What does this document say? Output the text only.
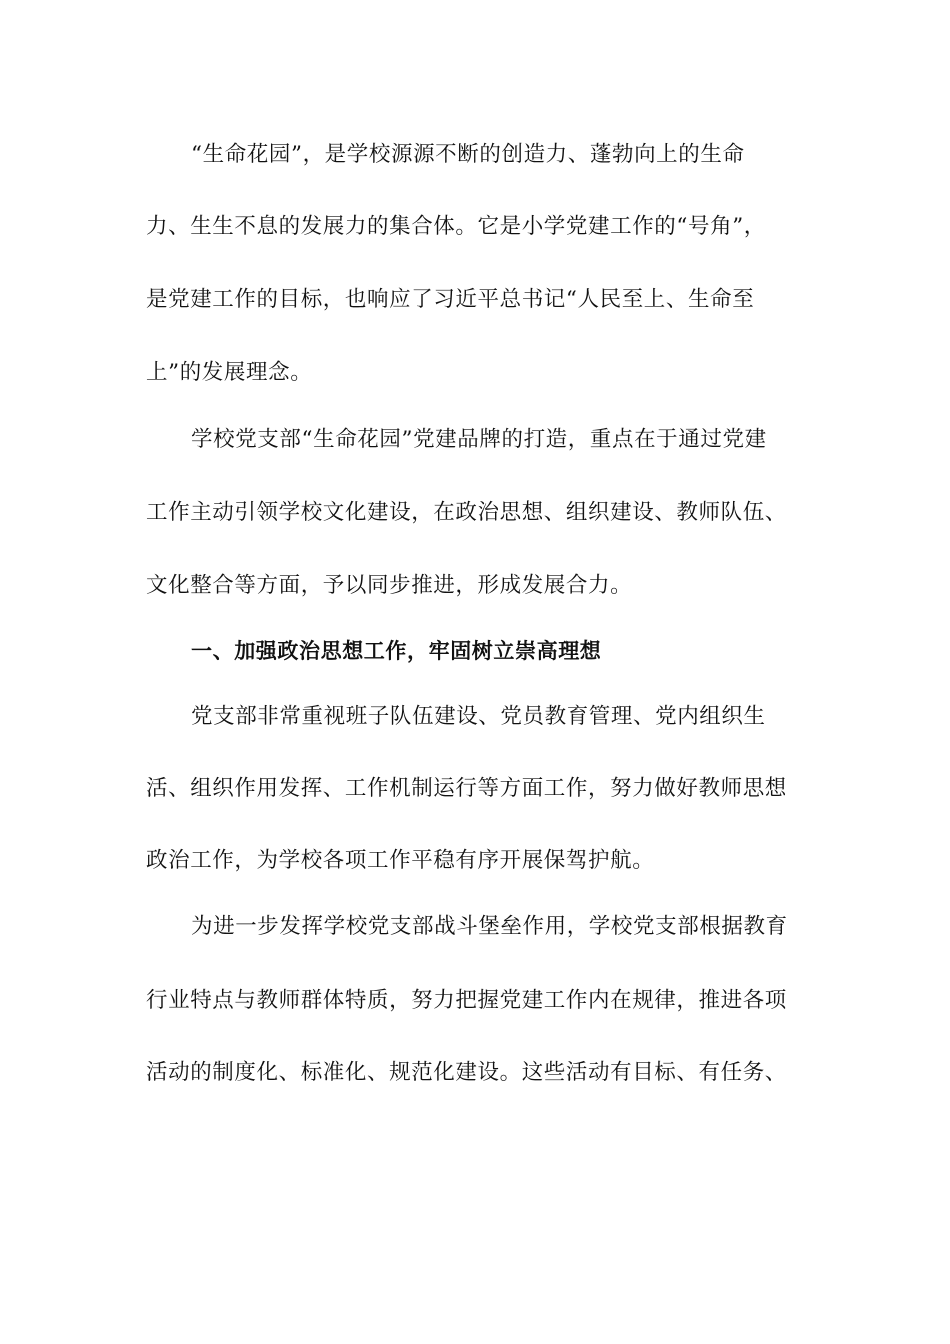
“生命花园”，是学校源源不断的创造力、蓬勃向上的生命
力、生生不息的发展力的集合体。它是小学党建工作的“号角”，
是党建工作的目标，也响应了习近平总书记“人民至上、生命至
上”的发展理念。
学校党支部“生命花园”党建品牌的打造，重点在于通过党建
工作主动引领学校文化建设，在政治思想、组织建设、教师队伍、
文化整合等方面，予以同步推进，形成发展合力。
一、加强政治思想工作，牢固树立崇高理想
党支部非常重视班子队伍建设、党员教育管理、党内组织生
活、组织作用发挥、工作机制运行等方面工作，努力做好教师思想
政治工作，为学校各项工作平稳有序开展保驾护航。
为进一步发挥学校党支部战斗堡垒作用，学校党支部根据教育
行业特点与教师群体特质，努力把握党建工作内在规律，推进各项
活动的制度化、标准化、规范化建设。这些活动有目标、有任务、
